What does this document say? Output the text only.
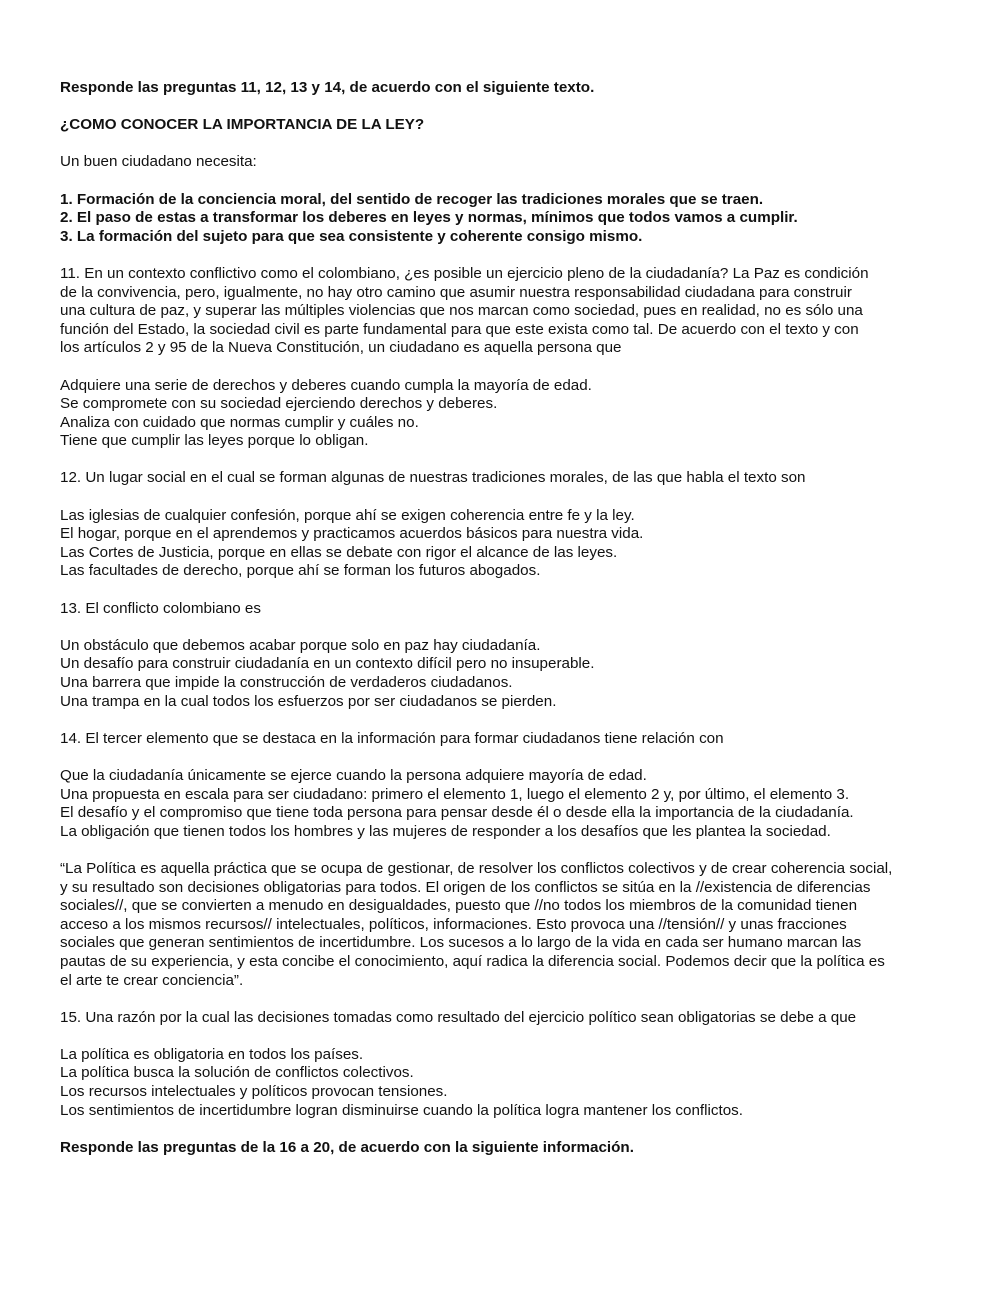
Responde las preguntas 11, 12, 13 y 14, de acuerdo con el siguiente texto.

¿COMO CONOCER LA IMPORTANCIA DE LA LEY?

Un buen ciudadano necesita:

1. Formación de la conciencia moral, del sentido de recoger las tradiciones morales que se traen.

2. El paso de estas a transformar los deberes en leyes y normas, mínimos que todos vamos a cumplir.

3. La formación del sujeto para que sea consistente y coherente consigo mismo.

11. En un contexto conflictivo como el colombiano, ¿es posible un ejercicio pleno de la ciudadanía? La Paz es condición
de la convivencia, pero, igualmente, no hay otro camino que asumir nuestra responsabilidad ciudadana para construir
una cultura de paz, y superar las múltiples violencias que nos marcan como sociedad, pues en realidad, no es sólo una
función del Estado, la sociedad civil es parte fundamental para que este exista como tal. De acuerdo con el texto y con
los artículos 2 y 95 de la Nueva Constitución, un ciudadano es aquella persona que

Adquiere una serie de derechos y deberes cuando cumpla la mayoría de edad.

Se compromete con su sociedad ejerciendo derechos y deberes.

Analiza con cuidado que normas cumplir y cuáles no.

Tiene que cumplir las leyes porque lo obligan.

12. Un lugar social en el cual se forman algunas de nuestras tradiciones morales, de las que habla el texto son

Las iglesias de cualquier confesión, porque ahí se exigen coherencia entre fe y la ley.

El hogar, porque en el aprendemos y practicamos acuerdos básicos para nuestra vida.

Las Cortes de Justicia, porque en ellas se debate con rigor el alcance de las leyes.

Las facultades de derecho, porque ahí se forman los futuros abogados.

13. El conflicto colombiano es

Un obstáculo que debemos acabar porque solo en paz hay ciudadanía.

Un desafío para construir ciudadanía en un contexto difícil pero no insuperable.

Una barrera que impide la construcción de verdaderos ciudadanos.

Una trampa en la cual todos los esfuerzos por ser ciudadanos se pierden.

14. El tercer elemento que se destaca en la información para formar ciudadanos tiene relación con

Que la ciudadanía únicamente se ejerce cuando la persona adquiere mayoría de edad.

Una propuesta en escala para ser ciudadano: primero el elemento 1, luego el elemento 2 y, por último, el elemento 3.

El desafío y el compromiso que tiene toda persona para pensar desde él o desde ella la importancia de la ciudadanía.

La obligación que tienen todos los hombres y las mujeres de responder a los desafíos que les plantea la sociedad.

“La Política es aquella práctica que se ocupa de gestionar, de resolver los conflictos colectivos y de crear coherencia social,
y su resultado son decisiones obligatorias para todos. El origen de los conflictos se sitúa en la //existencia de diferencias
sociales//, que se convierten a menudo en desigualdades, puesto que //no todos los miembros de la comunidad tienen
acceso a los mismos recursos// intelectuales, políticos, informaciones. Esto provoca una //tensión// y unas fracciones
sociales que generan sentimientos de incertidumbre. Los sucesos a lo largo de la vida en cada ser humano marcan las
pautas de su experiencia, y esta concibe el conocimiento, aquí radica la diferencia social. Podemos decir que la política es
el arte te crear conciencia”.

15. Una razón por la cual las decisiones tomadas como resultado del ejercicio político sean obligatorias se debe a que

La política es obligatoria en todos los países.

La política busca la solución de conflictos colectivos.

Los recursos intelectuales y políticos provocan tensiones.

Los sentimientos de incertidumbre logran disminuirse cuando la política logra mantener los conflictos.

Responde las preguntas de la 16 a 20, de acuerdo con la siguiente información.
